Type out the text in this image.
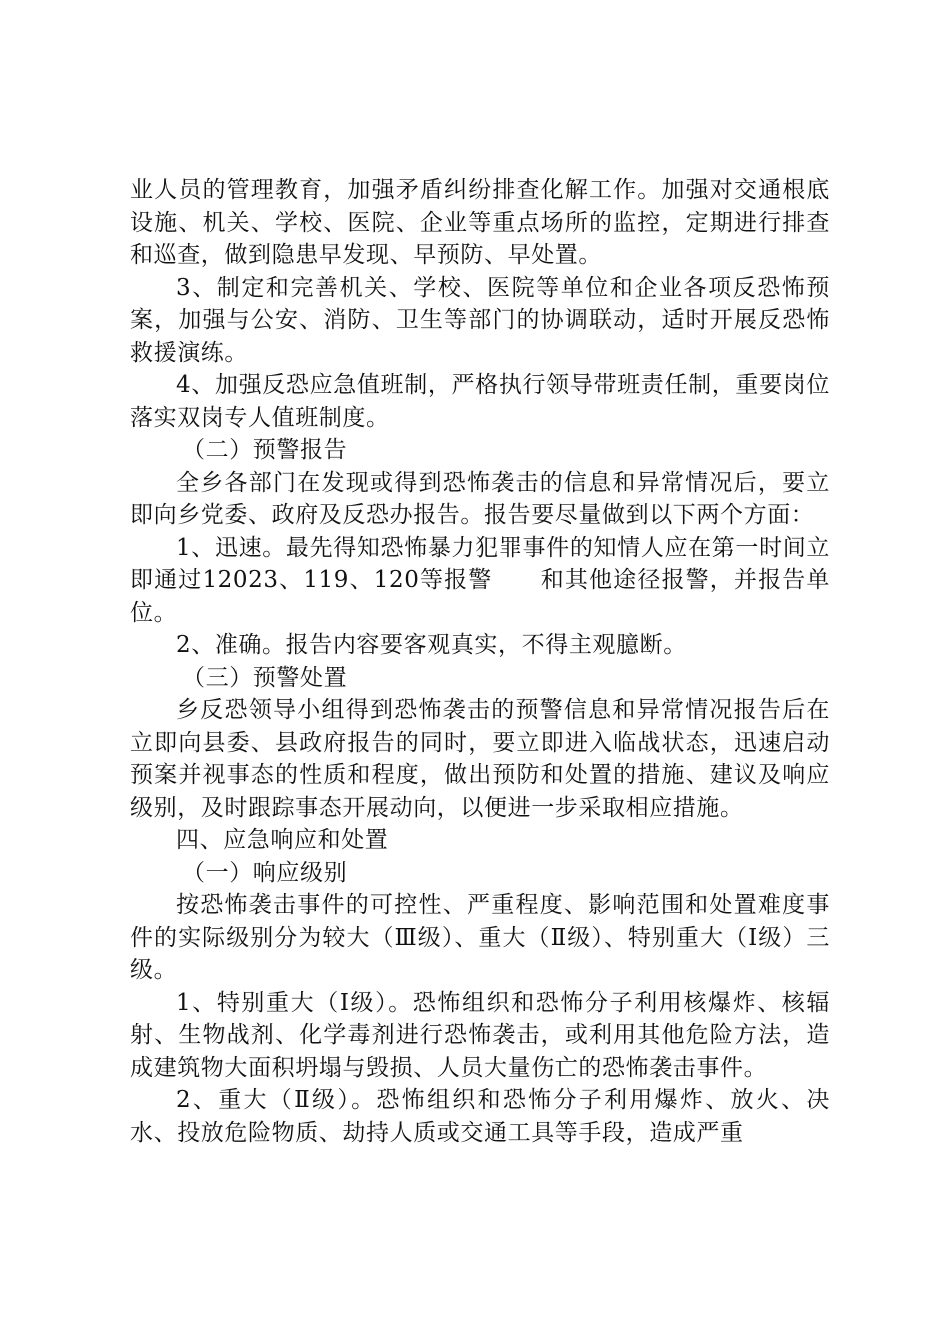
业人员的管理教育，加强矛盾纠纷排查化解工作。加强对交通根底设施、机关、学校、医院、企业等重点场所的监控，定期进行排查和巡查，做到隐患早发现、早预防、早处置。

3、制定和完善机关、学校、医院等单位和企业各项反恐怖预案，加强与公安、消防、卫生等部门的协调联动，适时开展反恐怖救援演练。

4、加强反恐应急值班制，严格执行领导带班责任制，重要岗位落实双岗专人值班制度。

（二）预警报告

全乡各部门在发现或得到恐怖袭击的信息和异常情况后，要立即向乡党委、政府及反恐办报告。报告要尽量做到以下两个方面：

1、迅速。最先得知恐怖暴力犯罪事件的知情人应在第一时间立即通过12023、119、120等报警　　和其他途径报警，并报告单位。

2、准确。报告内容要客观真实，不得主观臆断。

（三）预警处置

乡反恐领导小组得到恐怖袭击的预警信息和异常情况报告后在立即向县委、县政府报告的同时，要立即进入临战状态，迅速启动预案并视事态的性质和程度，做出预防和处置的措施、建议及响应级别，及时跟踪事态开展动向，以便进一步采取相应措施。

四、应急响应和处置

（一）响应级别

按恐怖袭击事件的可控性、严重程度、影响范围和处置难度事件的实际级别分为较大（Ⅲ级）、重大（Ⅱ级）、特别重大（Ⅰ级）三级。

1、特别重大（Ⅰ级）。恐怖组织和恐怖分子利用核爆炸、核辐射、生物战剂、化学毒剂进行恐怖袭击，或利用其他危险方法，造成建筑物大面积坍塌与毁损、人员大量伤亡的恐怖袭击事件。

2、重大（Ⅱ级）。恐怖组织和恐怖分子利用爆炸、放火、决水、投放危险物质、劫持人质或交通工具等手段，造成严重
